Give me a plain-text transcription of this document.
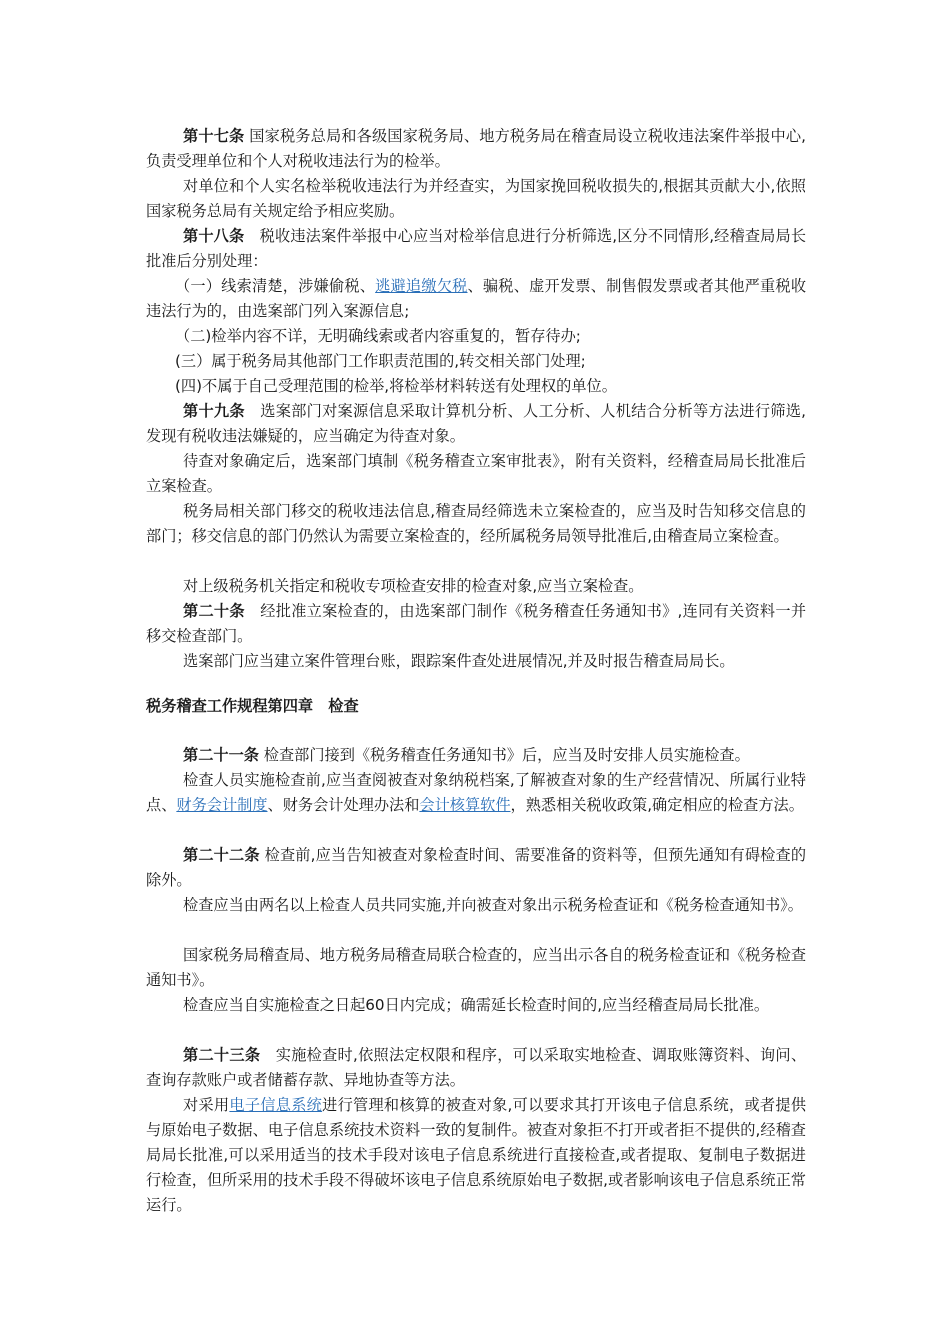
第十七条 国家税务总局和各级国家税务局、地方税务局在稽查局设立税收违法案件举报中心,负责受理单位和个人对税收违法行为的检举。

对单位和个人实名检举税收违法行为并经查实，为国家挽回税收损失的,根据其贡献大小,依照国家税务总局有关规定给予相应奖励。

第十八条　税收违法案件举报中心应当对检举信息进行分析筛选,区分不同情形,经稽查局局长批准后分别处理：

（一）线索清楚，涉嫌偷税、逃避追缴欠税、骗税、虚开发票、制售假发票或者其他严重税收违法行为的，由选案部门列入案源信息;

（二)检举内容不详，无明确线索或者内容重复的，暂存待办;

(三）属于税务局其他部门工作职责范围的,转交相关部门处理;

(四)不属于自己受理范围的检举,将检举材料转送有处理权的单位。

第十九条　选案部门对案源信息采取计算机分析、人工分析、人机结合分析等方法进行筛选,发现有税收违法嫌疑的，应当确定为待查对象。

待查对象确定后，选案部门填制《税务稽查立案审批表》，附有关资料，经稽查局局长批准后立案检查。

税务局相关部门移交的税收违法信息,稽查局经筛选未立案检查的，应当及时告知移交信息的部门；移交信息的部门仍然认为需要立案检查的，经所属税务局领导批准后,由稽查局立案检查。

对上级税务机关指定和税收专项检查安排的检查对象,应当立案检查。

第二十条　经批准立案检查的，由选案部门制作《税务稽查任务通知书》,连同有关资料一并移交检查部门。

选案部门应当建立案件管理台账，跟踪案件查处进展情况,并及时报告稽查局局长。

税务稽查工作规程第四章　检查

第二十一条 检查部门接到《税务稽查任务通知书》后，应当及时安排人员实施检查。

检查人员实施检查前,应当查阅被查对象纳税档案,了解被查对象的生产经营情况、所属行业特点、财务会计制度、财务会计处理办法和会计核算软件，熟悉相关税收政策,确定相应的检查方法。

第二十二条 检查前,应当告知被查对象检查时间、需要准备的资料等，但预先通知有碍检查的除外。

检查应当由两名以上检查人员共同实施,并向被查对象出示税务检查证和《税务检查通知书》。

国家税务局稽查局、地方税务局稽查局联合检查的，应当出示各自的税务检查证和《税务检查通知书》。

检查应当自实施检查之日起60日内完成；确需延长检查时间的,应当经稽查局局长批准。

第二十三条　实施检查时,依照法定权限和程序，可以采取实地检查、调取账簿资料、询问、查询存款账户或者储蓄存款、异地协查等方法。

对采用电子信息系统进行管理和核算的被查对象,可以要求其打开该电子信息系统，或者提供与原始电子数据、电子信息系统技术资料一致的复制件。被查对象拒不打开或者拒不提供的,经稽查局局长批准,可以采用适当的技术手段对该电子信息系统进行直接检查,或者提取、复制电子数据进行检查，但所采用的技术手段不得破坏该电子信息系统原始电子数据,或者影响该电子信息系统正常运行。
